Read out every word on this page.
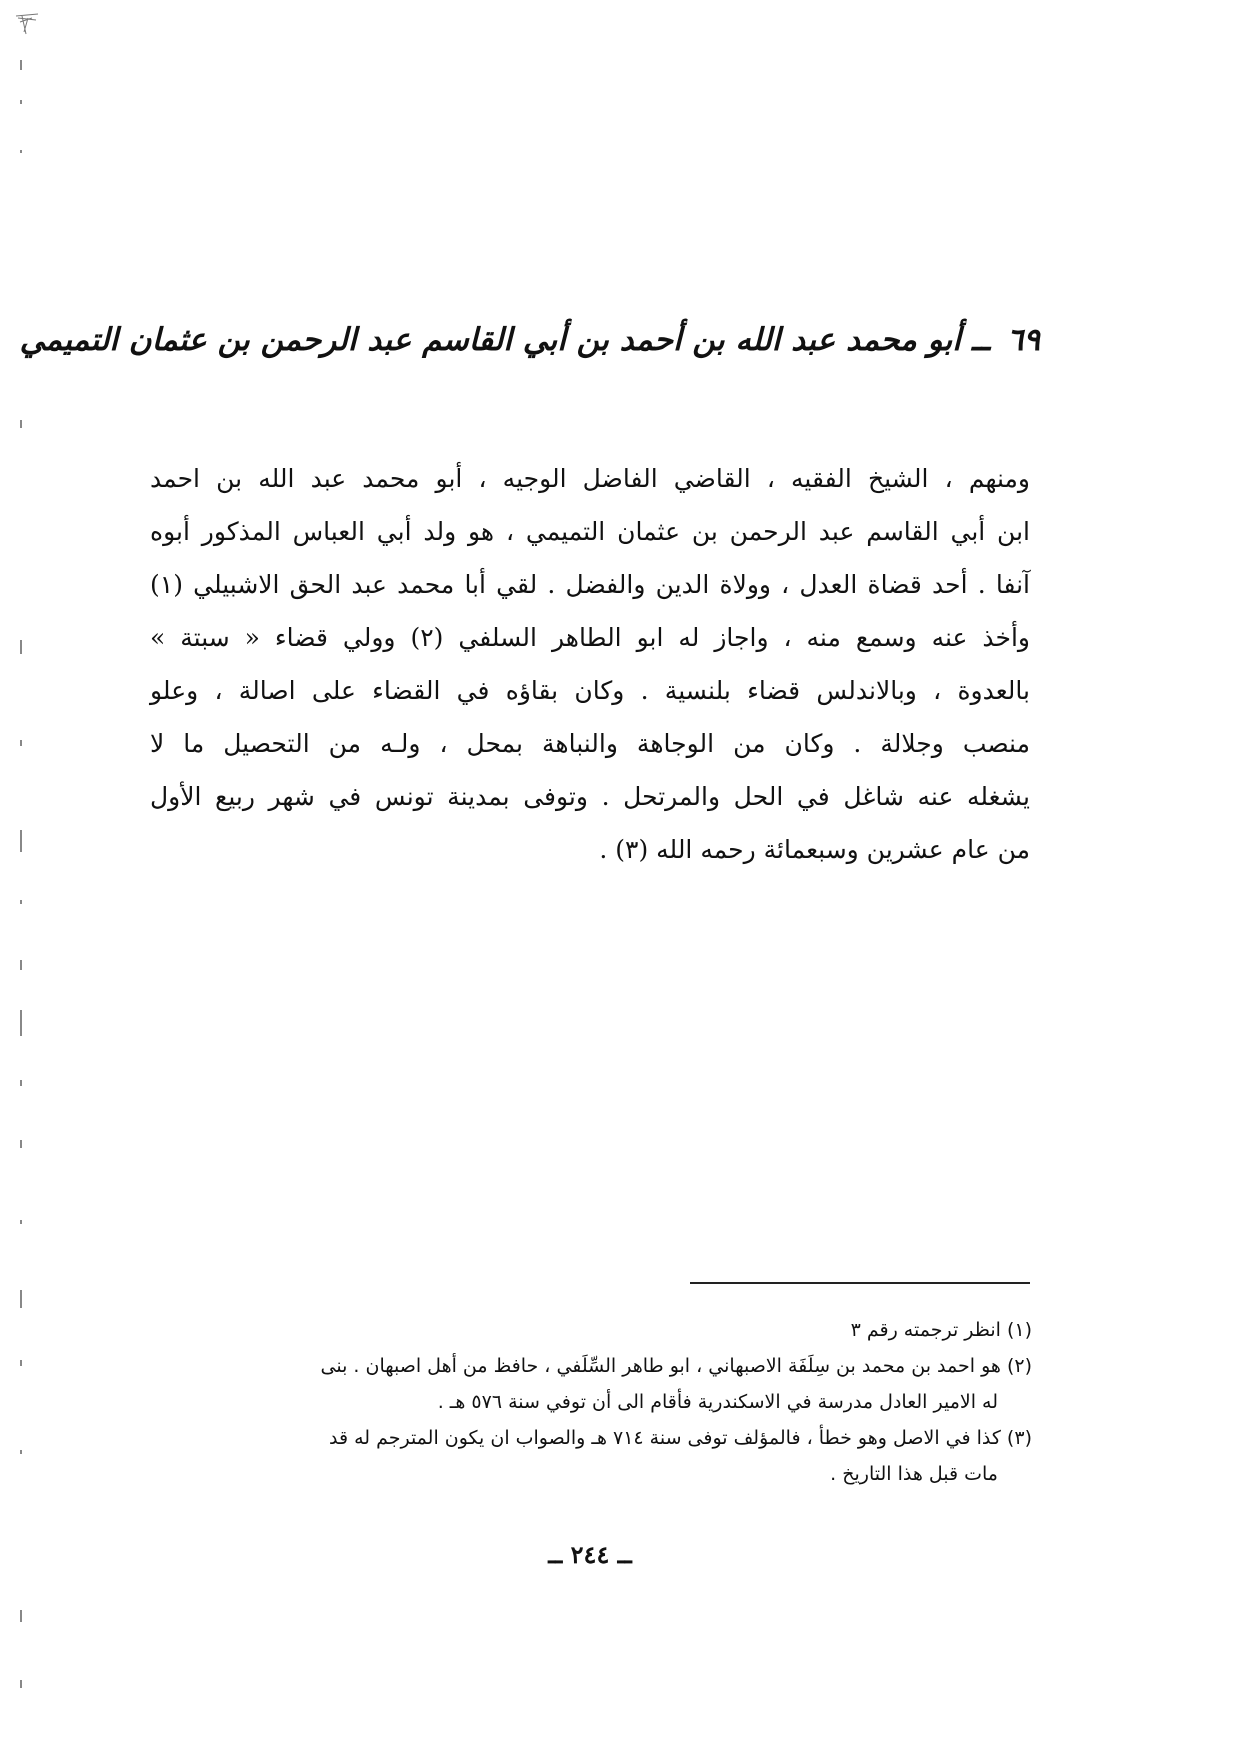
٦٩ ــ أبو محمد عبد الله بن أحمد بن أبي القاسم عبد الرحمن بن عثمان التميمي
ومنهم ، الشيخ الفقيه ، القاضي الفاضل الوجيه ، أبو محمد عبد الله بن احمد
ابن أبي القاسم عبد الرحمن بن عثمان التميمي ، هو ولد أبي العباس المذكور أبوه
آنفا . أحد قضاة العدل ، وولاة الدين والفضل . لقي أبا محمد عبد الحق الاشبيلي (١)
وأخذ عنه وسمع منه ، واجاز له ابو الطاهر السلفي (٢) وولي قضاء « سبتة »
بالعدوة ، وبالاندلس قضاء بلنسية . وكان بقاؤه في القضاء على اصالة ، وعلو
منصب وجلالة . وكان من الوجاهة والنباهة بمحل ، ولـه من التحصيل ما لا
يشغله عنه شاغل في الحل والمرتحل . وتوفى بمدينة تونس في شهر ربيع الأول
من عام عشرين وسبعمائة رحمه الله (٣) .
(١) انظر ترجمته رقم ٣
(٢) هو احمد بن محمد بن سِلَفَة الاصبهاني ، ابو طاهر السِّلَفي ، حافظ من أهل اصبهان . بنى
له الامير العادل مدرسة في الاسكندرية فأقام الى أن توفي سنة ٥٧٦ هـ .
(٣) كذا في الاصل وهو خطأ ، فالمؤلف توفى سنة ٧١٤ هـ والصواب ان يكون المترجم له قد
مات قبل هذا التاريخ .
ــ ٢٤٤ ــ
